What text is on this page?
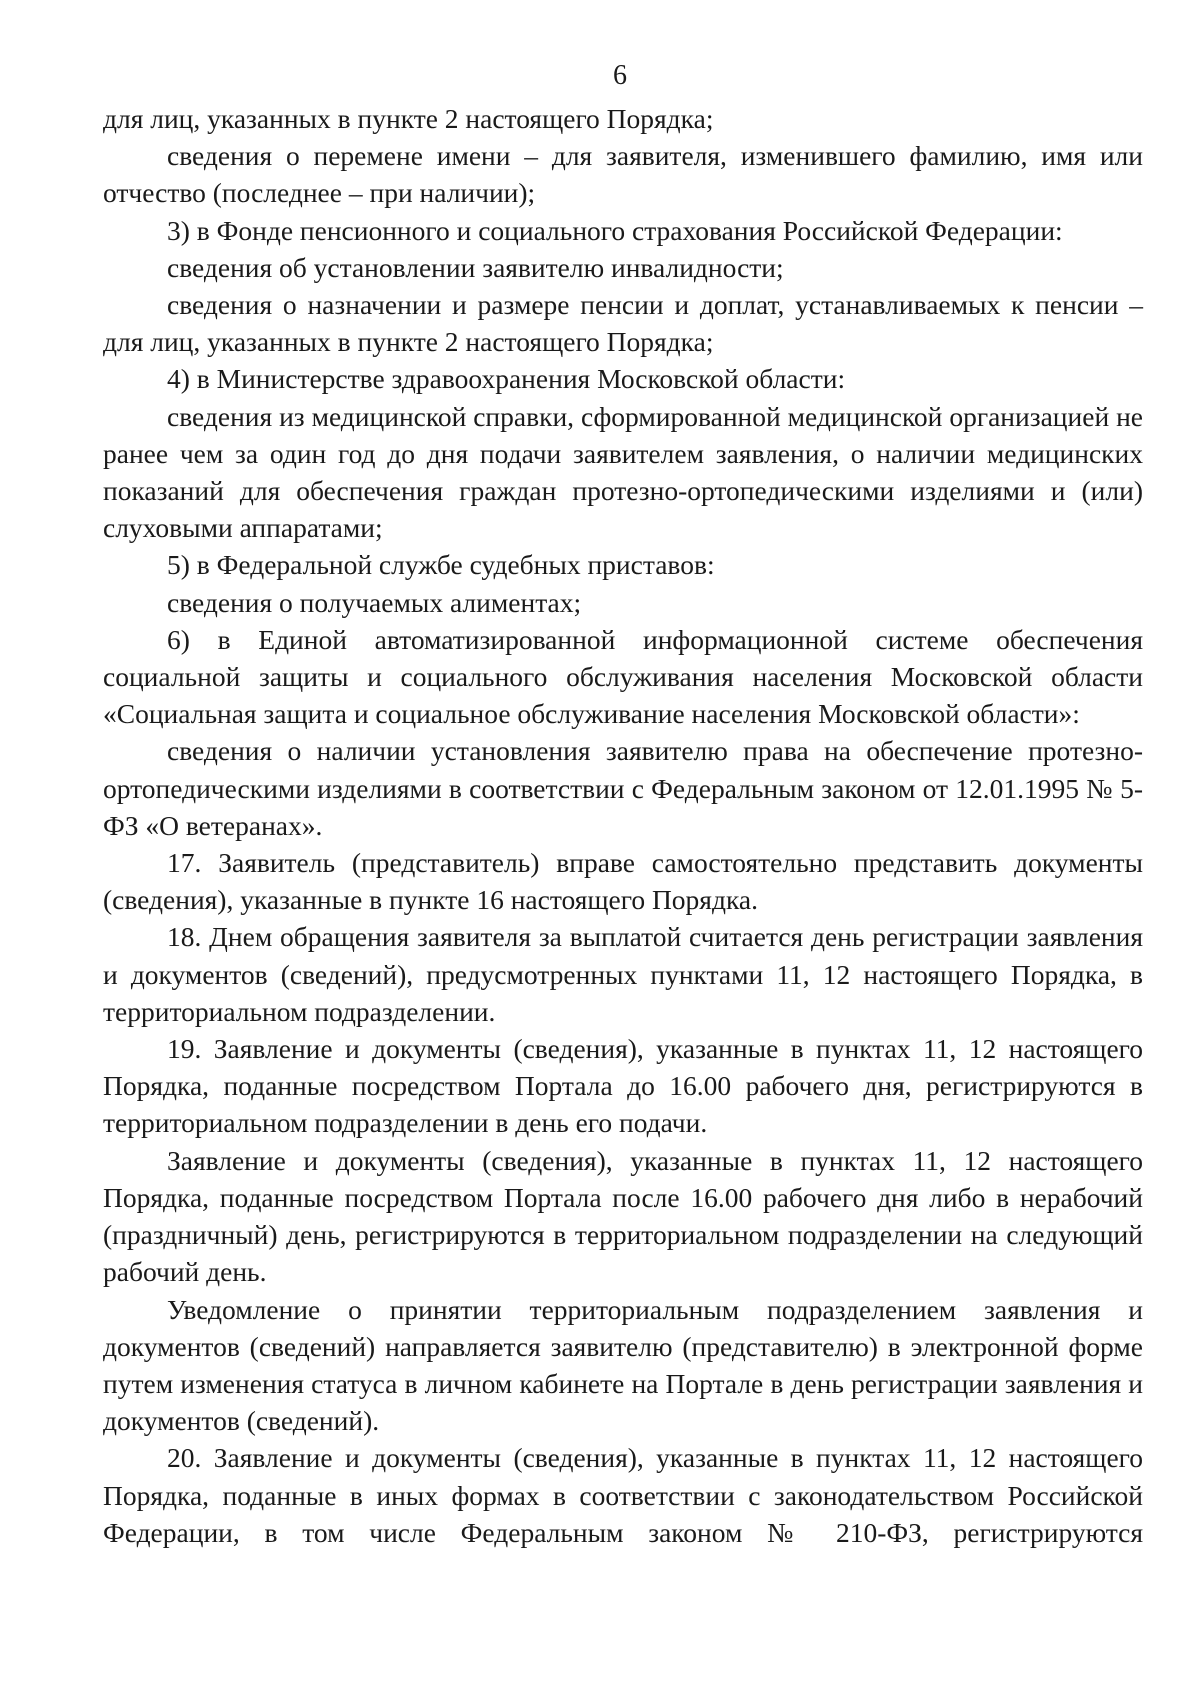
6

для лиц, указанных в пункте 2 настоящего Порядка;

сведения о перемене имени – для заявителя, изменившего фамилию, имя или отчество (последнее – при наличии);

3) в Фонде пенсионного и социального страхования Российской Федерации:

сведения об установлении заявителю инвалидности;

сведения о назначении и размере пенсии и доплат, устанавливаемых к пенсии – для лиц, указанных в пункте 2 настоящего Порядка;

4) в Министерстве здравоохранения Московской области:

сведения из медицинской справки, сформированной медицинской организацией не ранее чем за один год до дня подачи заявителем заявления, о наличии медицинских показаний для обеспечения граждан протезно-ортопедическими изделиями и (или) слуховыми аппаратами;

5) в Федеральной службе судебных приставов:

сведения о получаемых алиментах;

6) в Единой автоматизированной информационной системе обеспечения социальной защиты и социального обслуживания населения Московской области «Социальная защита и социальное обслуживание населения Московской области»:

сведения о наличии установления заявителю права на обеспечение протезно-ортопедическими изделиями в соответствии с Федеральным законом от 12.01.1995 № 5-ФЗ «О ветеранах».

17. Заявитель (представитель) вправе самостоятельно представить документы (сведения), указанные в пункте 16 настоящего Порядка.

18. Днем обращения заявителя за выплатой считается день регистрации заявления и документов (сведений), предусмотренных пунктами 11, 12 настоящего Порядка, в территориальном подразделении.

19. Заявление и документы (сведения), указанные в пунктах 11, 12 настоящего Порядка, поданные посредством Портала до 16.00 рабочего дня, регистрируются в территориальном подразделении в день его подачи.

Заявление и документы (сведения), указанные в пунктах 11, 12 настоящего Порядка, поданные посредством Портала после 16.00 рабочего дня либо в нерабочий (праздничный) день, регистрируются в территориальном подразделении на следующий рабочий день.

Уведомление о принятии территориальным подразделением заявления и документов (сведений) направляется заявителю (представителю) в электронной форме путем изменения статуса в личном кабинете на Портале в день регистрации заявления и документов (сведений).

20. Заявление и документы (сведения), указанные в пунктах 11, 12 настоящего Порядка, поданные в иных формах в соответствии с законодательством Российской Федерации, в том числе Федеральным законом № 210-ФЗ, регистрируются
